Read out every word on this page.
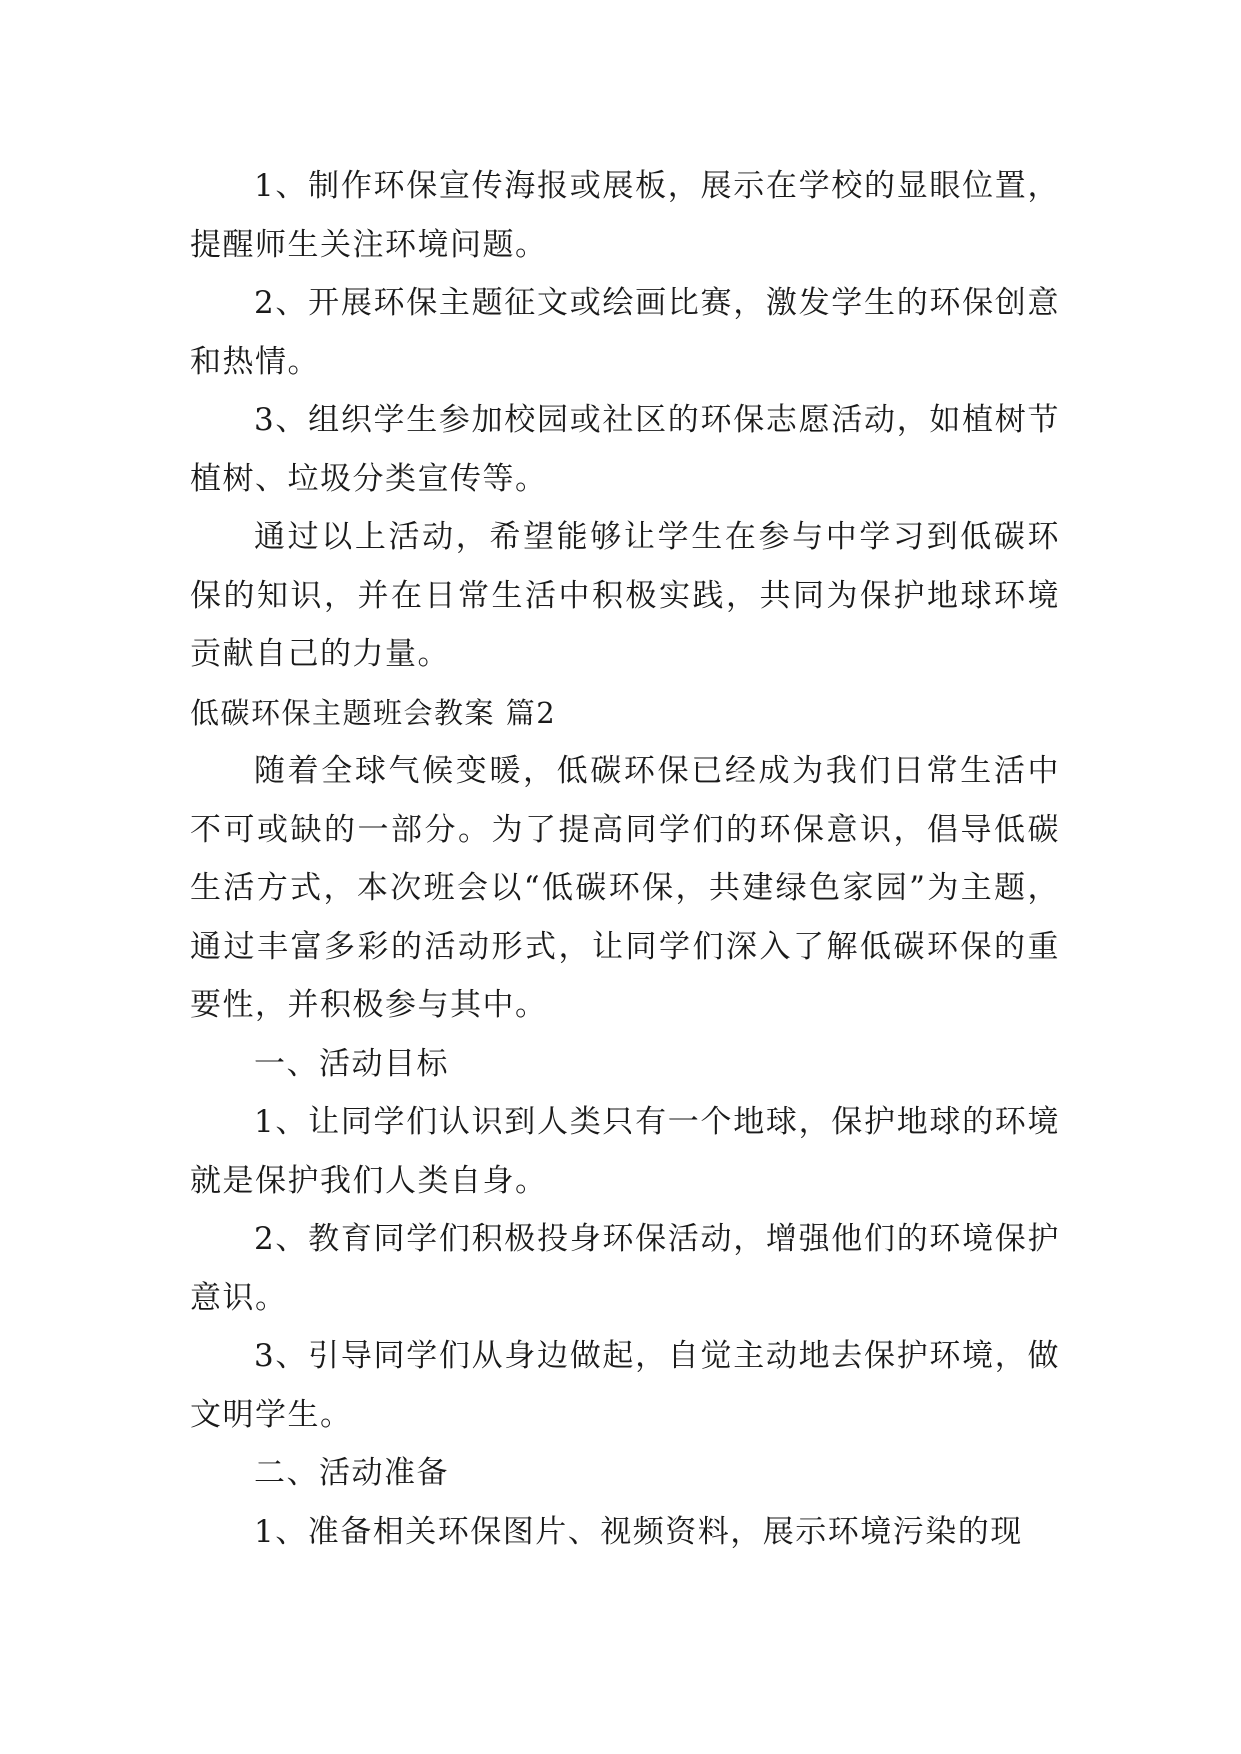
1、制作环保宣传海报或展板，展示在学校的显眼位置，提醒师生关注环境问题。

2、开展环保主题征文或绘画比赛，激发学生的环保创意和热情。

3、组织学生参加校园或社区的环保志愿活动，如植树节植树、垃圾分类宣传等。

通过以上活动，希望能够让学生在参与中学习到低碳环保的知识，并在日常生活中积极实践，共同为保护地球环境贡献自己的力量。

低碳环保主题班会教案 篇2

随着全球气候变暖，低碳环保已经成为我们日常生活中不可或缺的一部分。为了提高同学们的环保意识，倡导低碳生活方式，本次班会以“低碳环保，共建绿色家园”为主题，通过丰富多彩的活动形式，让同学们深入了解低碳环保的重要性，并积极参与其中。

一、活动目标

1、让同学们认识到人类只有一个地球，保护地球的环境就是保护我们人类自身。

2、教育同学们积极投身环保活动，增强他们的环境保护意识。

3、引导同学们从身边做起，自觉主动地去保护环境，做文明学生。

二、活动准备

1、准备相关环保图片、视频资料，展示环境污染的现
